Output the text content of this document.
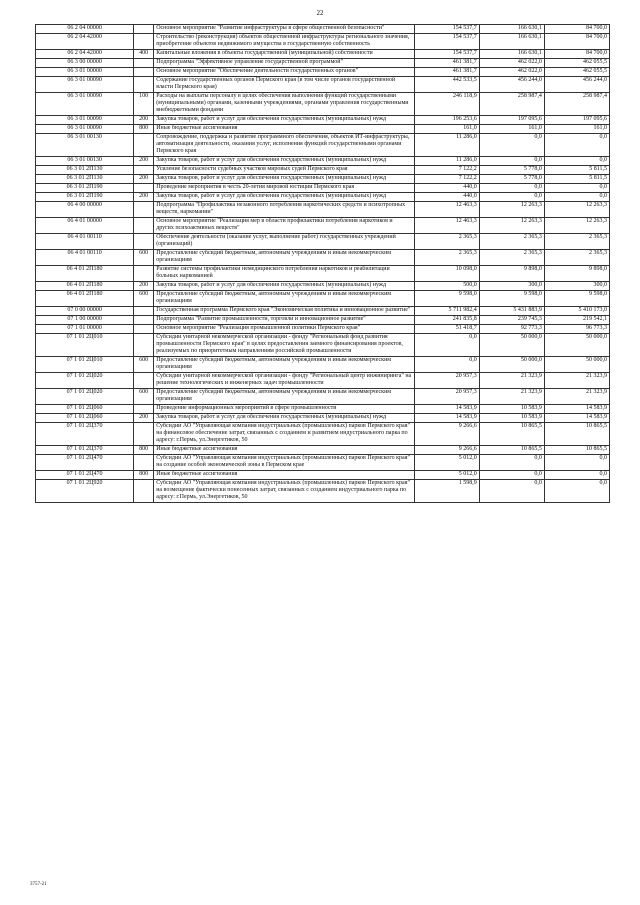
22
06 2 04 00000		Основное мероприятие "Развитие инфраструктуры в сфере общественной безопасности"	154 537,7	166 630,1	84 700,0
06 2 04 42000		Строительство (реконструкция) объектов общественной инфраструктуры регионального значения, приобретение объектов недвижимого имущества в государственную собственность	154 537,7	166 630,1	84 700,0
06 2 04 42000	400	Капитальные вложения в объекты государственной (муниципальной) собственности	154 537,7	166 630,1	84 700,0
06 3 00 00000		Подпрограмма "Эффективное управление государственной программой"	461 381,7	462 022,0	462 055,5
06 3 01 00000		Основное мероприятие "Обеспечение деятельности государственных органов"	461 381,7	462 022,0	462 055,5
06 3 01 00090		Содержание государственных органов Пермского края (в том числе органов государственной власти Пермского края)	442 533,5	456 244,0	456 244,0
06 3 01 00090	100	Расходы на выплаты персоналу в целях обеспечения выполнения функций государственными (муниципальными) органами, казенными учреждениями, органами управления государственными внебюджетными фондами	246 118,9	258 987,4	258 987,4
06 3 01 00090	200	Закупка товаров, работ и услуг для обеспечения государственных (муниципальных) нужд	196 253,6	197 095,6	197 095,6
06 3 01 00090	800	Иные бюджетные ассигнования	161,0	161,0	161,0
06 3 01 00130		Сопровождение, поддержка и развитие программного обеспечения, объектов ИТ-инфраструктуры, автоматизация деятельности, оказания услуг, исполнения функций государственными органами Пермского края	11 286,0	0,0	0,0
06 3 01 00130	200	Закупка товаров, работ и услуг для обеспечения государственных (муниципальных) нужд	11 286,0	0,0	0,0
06 3 01 2П130		Усиление безопасности судебных участков мировых судей Пермского края	7 122,2	5 778,0	5 811,5
06 3 01 2П130	200	Закупка товаров, работ и услуг для обеспечения государственных (муниципальных) нужд	7 122,2	5 778,0	5 811,5
06 3 01 2П190		Проведение мероприятия в честь 20-летия мировой юстиции Пермского края	440,0	0,0	0,0
06 3 01 2П190	200	Закупка товаров, работ и услуг для обеспечения государственных (муниципальных) нужд	440,0	0,0	0,0
06 4 00 00000		Подпрограмма "Профилактика незаконного потребления наркотических средств и психотропных веществ, наркомании"	12 463,3	12 263,3	12 263,3
06 4 01 00000		Основное мероприятие "Реализация мер в области профилактики потребления наркотиков и других психоактивных веществ"	12 463,3	12 263,3	12 263,3
06 4 01 00110		Обеспечение деятельности (оказание услуг, выполнение работ) государственных учреждений (организаций)	2 365,3	2 365,3	2 365,3
06 4 01 00110	600	Предоставление субсидий бюджетным, автономным учреждениям и иным некоммерческим организациям	2 365,3	2 365,3	2 365,3
06 4 01 2П180		Развитие системы профилактики немедицинского потребления наркотиков и реабилитации больных наркоманией	10 098,0	9 898,0	9 898,0
06 4 01 2П180	200	Закупка товаров, работ и услуг для обеспечения государственных (муниципальных) нужд	500,0	300,0	300,0
06 4 01 2П180	600	Предоставление субсидий бюджетным, автономным учреждениям и иным некоммерческим организациям	9 598,0	9 598,0	9 598,0
07 0 00 00000		Государственная программа Пермского края "Экономическая политика и инновационное развитие"	5 711 982,4	5 431 883,9	5 410 173,0
07 1 00 00000		Подпрограмма "Развитие промышленности, торговли и инновационное развитие"	241 835,8	239 745,3	219 542,1
07 1 01 00000		Основное мероприятие "Реализация промышленной политики Пермского края"	51 418,7	92 773,3	96 773,3
07 1 01 2Ц010		Субсидии унитарной некоммерческой организации - фонду "Региональный фонд развития промышленности Пермского края" в целях предоставления заемного финансирования проектов, реализуемых по приоритетным направлениям российской промышленности	0,0	50 000,0	50 000,0
07 1 01 2Ц010	600	Предоставление субсидий бюджетным, автономным учреждениям и иным некоммерческим организациям	0,0	50 000,0	50 000,0
07 1 01 2Ц020		Субсидии унитарной некоммерческой организации - фонду "Региональный центр инжиниринга" на решение технологических и инженерных задач промышленности	20 957,3	21 323,9	21 323,9
07 1 01 2Ц020	600	Предоставление субсидий бюджетным, автономным учреждениям и иным некоммерческим организациям	20 957,3	21 323,9	21 323,9
07 1 01 2Ц060		Проведение информационных мероприятий в сфере промышленности	14 583,9	10 583,9	14 583,9
07 1 01 2Ц060	200	Закупка товаров, работ и услуг для обеспечения государственных (муниципальных) нужд	14 583,9	10 583,9	14 583,9
07 1 01 2Ц370		Субсидии АО "Управляющая компания индустриальных (промышленных) парков Пермского края" на финансовое обеспечение затрат, связанных с созданием и развитием индустриального парка по адресу: г.Пермь, ул.Энергетиков, 50	9 266,6	10 865,5	10 865,5
07 1 01 2Ц370	800	Иные бюджетные ассигнования	9 266,6	10 865,5	10 865,5
07 1 01 2Ц470		Субсидии АО "Управляющая компания индустриальных (промышленных) парков Пермского края" на создание особой экономической зоны в Пермском крае	5 012,0	0,0	0,0
07 1 01 2Ц470	800	Иные бюджетные ассигнования	5 012,0	0,0	0,0
07 1 01 2Ц920		Субсидии АО "Управляющая компания индустриальных (промышленных) парков Пермского края" на возмещение фактически понесенных затрат, связанных с созданием индустриального парка по адресу: г.Пермь, ул.Энергетиков, 50	1 598,9	0,0	0,0
3757-21
